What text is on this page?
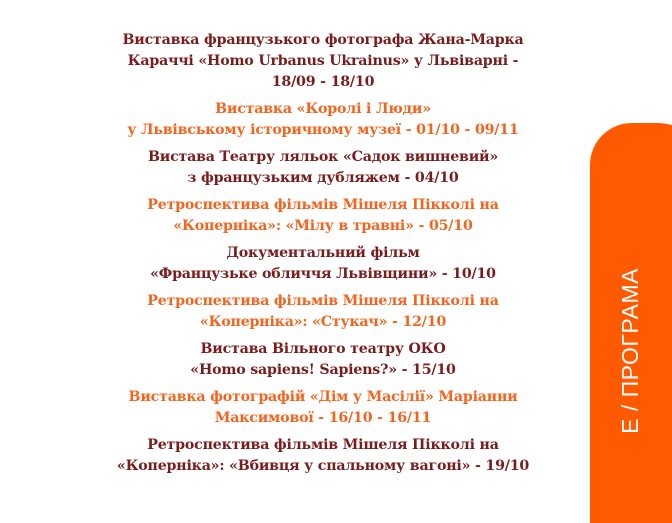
Виставка французького фотографа Жана-Марка
Караччі «Homo Urbanus Ukrainus» у Львіварні -
18/09 - 18/10
Виставка «Королі і Люди»
у Львівському історичному музеї - 01/10 - 09/11
Вистава Театру ляльок «Садок вишневий»
з французьким дубляжем - 04/10
Ретроспектива фільмів Мішеля Пікколі на
«Коперніка»: «Мілу в травні» - 05/10
Документальний фільм
«Французьке обличчя Львівщини» - 10/10
Ретроспектива фільмів Мішеля Пікколі на
«Коперніка»: «Стукач» - 12/10
Вистава Вільного театру ОКО
«Homo sapiens! Sapiens?» - 15/10
Виставка фотографій «Дім у Масілії» Маріанни
Максимової - 16/10 - 16/11
Ретроспектива фільмів Мішеля Пікколі на
«Коперніка»: «Вбивця у спальному вагоні» - 19/10
Е / ПРОГРАМА
